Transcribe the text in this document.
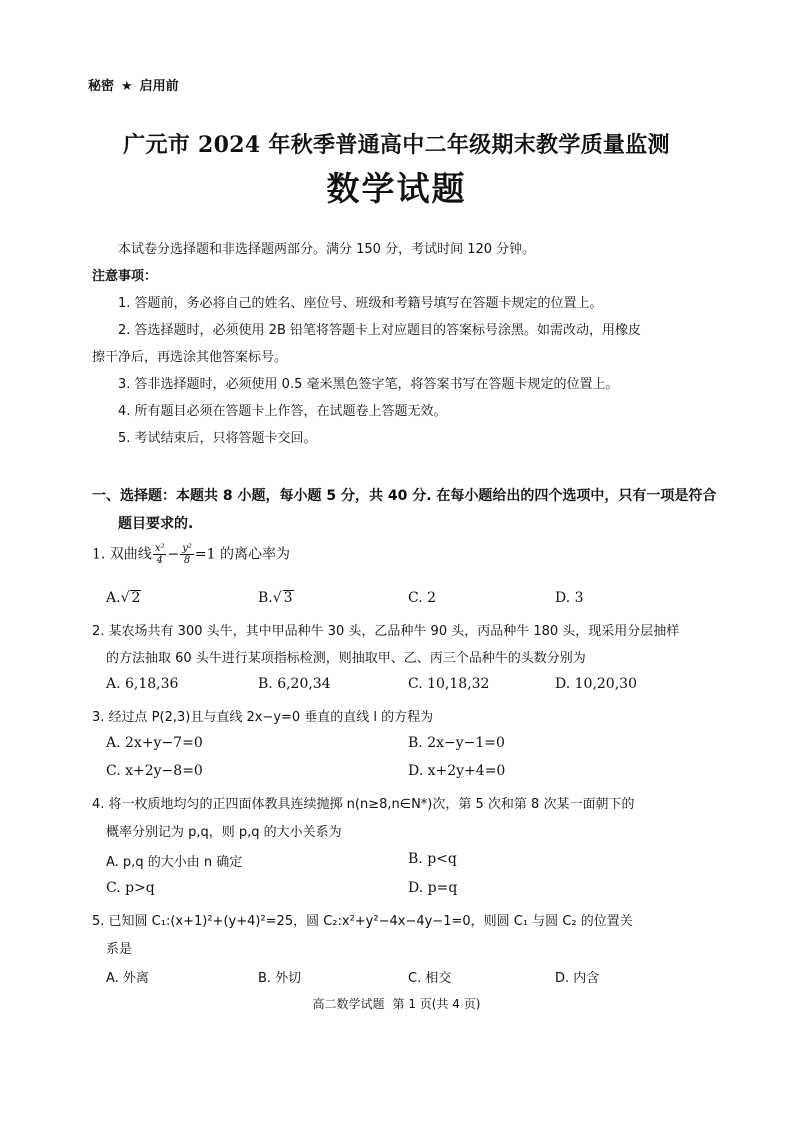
秘密 ★ 启用前
广元市 2024 年秋季普通高中二年级期末教学质量监测
数学试题
本试卷分选择题和非选择题两部分。满分 150 分，考试时间 120 分钟。
注意事项：
1. 答题前，务必将自己的姓名、座位号、班级和考籍号填写在答题卡规定的位置上。
2. 答选择题时，必须使用 2B 铅笔将答题卡上对应题目的答案标号涂黑。如需改动，用橡皮
擦干净后，再选涂其他答案标号。
3. 答非选择题时，必须使用 0.5 毫米黑色签字笔，将答案书写在答题卡规定的位置上。
4. 所有题目必须在答题卡上作答，在试题卷上答题无效。
5. 考试结束后，只将答题卡交回。
一、选择题：本题共 8 小题，每小题 5 分，共 40 分. 在每小题给出的四个选项中，只有一项是符合
题目要求的.
1. 双曲线 $\frac{\text{x²}}{4} - \frac{\text{y²}}{8} =1$ 的离心率为
A.√ 2	B.√ 3	C. 2	D. 3
2. 某农场共有 300 头牛，其中甲品种牛 30 头，乙品种牛 90 头，丙品种牛 180 头，现采用分层抽样
的方法抽取 60 头牛进行某项指标检测，则抽取甲、乙、丙三个品种牛的头数分别为
A. 6,18,36	B. 6,20,34	C. 10,18,32	D. 10,20,30
3. 经过点 P(2,3)且与直线 2x−y=0 垂直的直线 l 的方程为
A. 2x+y−7=0	B. 2x−y−1=0
C. x+2y−8=0	D. x+2y+4=0
4. 将一枚质地均匀的正四面体教具连续抛掷 n(n≥8,n∈N*)次，第 5 次和第 8 次某一面朝下的
概率分别记为 p,q，则 p,q 的大小关系为
A. p,q 的大小由 n 确定	B. p<q
C. p>q	D. p=q
5. 已知圆 C₁:(x+1)²+(y+4)²=25，圆 C₂:x²+y²−4x−4y−1=0，则圆 C₁ 与圆 C₂ 的位置关
系是
A. 外离	B. 外切	C. 相交	D. 内含
高二数学试题 第 1 页(共 4 页)
